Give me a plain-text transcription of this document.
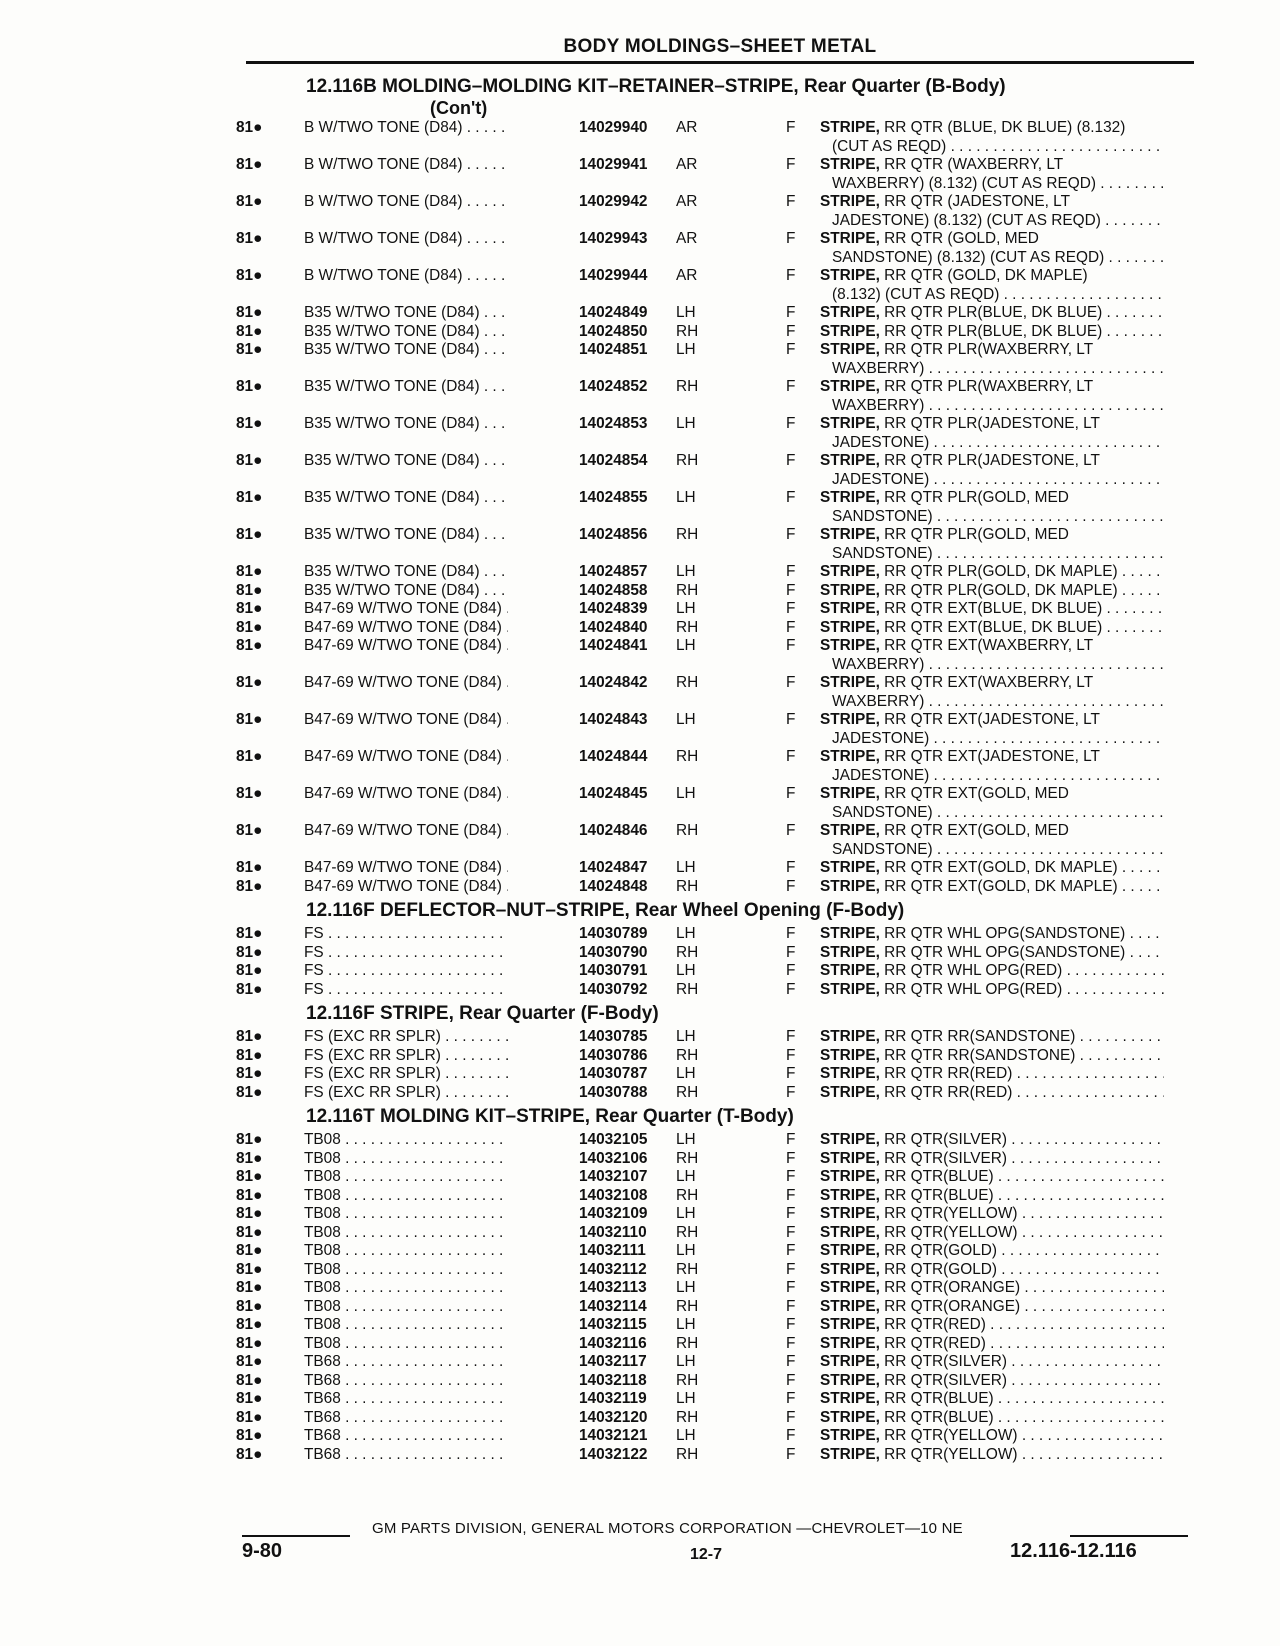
BODY MOLDINGS–SHEET METAL
12.116B MOLDING–MOLDING KIT–RETAINER–STRIPE, Rear Quarter (B-Body)
(Con't)
81●	B W/TWO TONE (D84) . . .	14029940 AR	F STRIPE, RR QTR (BLUE, DK BLUE) (8.132)
(CUT AS REQD) . . .
81●	B W/TWO TONE (D84) . . .	14029941 AR	F STRIPE, RR QTR (WAXBERRY, LT
WAXBERRY) (8.132) (CUT AS REQD) . . .
81●	B W/TWO TONE (D84) . . .	14029942 AR	F STRIPE, RR QTR (JADESTONE, LT
JADESTONE) (8.132) (CUT AS REQD) . . .
81●	B W/TWO TONE (D84) . . .	14029943 AR	F STRIPE, RR QTR (GOLD, MED
SANDSTONE) (8.132) (CUT AS REQD) . . .
81●	B W/TWO TONE (D84) . . .	14029944 AR	F STRIPE, RR QTR (GOLD, DK MAPLE)
(8.132) (CUT AS REQD) . . .
81●	B35 W/TWO TONE (D84) . . .	14024849 LH	F STRIPE, RR QTR PLR(BLUE, DK BLUE) . . .
81●	B35 W/TWO TONE (D84) . . .	14024850 RH	F STRIPE, RR QTR PLR(BLUE, DK BLUE) . . .
81●	B35 W/TWO TONE (D84) . . .	14024851 LH	F STRIPE, RR QTR PLR(WAXBERRY, LT
WAXBERRY) . . .
81●	B35 W/TWO TONE (D84) . . .	14024852 RH	F STRIPE, RR QTR PLR(WAXBERRY, LT
WAXBERRY) . . .
81●	B35 W/TWO TONE (D84) . . .	14024853 LH	F STRIPE, RR QTR PLR(JADESTONE, LT
JADESTONE) . . .
81●	B35 W/TWO TONE (D84) . . .	14024854 RH	F STRIPE, RR QTR PLR(JADESTONE, LT
JADESTONE) . . .
81●	B35 W/TWO TONE (D84) . . .	14024855 LH	F STRIPE, RR QTR PLR(GOLD, MED
SANDSTONE) . . .
81●	B35 W/TWO TONE (D84) . . .	14024856 RH	F STRIPE, RR QTR PLR(GOLD, MED
SANDSTONE) . . .
81●	B35 W/TWO TONE (D84) . . .	14024857 LH	F STRIPE, RR QTR PLR(GOLD, DK MAPLE) . . .
81●	B35 W/TWO TONE (D84) . . .	14024858 RH	F STRIPE, RR QTR PLR(GOLD, DK MAPLE) . . .
81●	B47-69 W/TWO TONE (D84) . . .	14024839 LH	F STRIPE, RR QTR EXT(BLUE, DK BLUE) . . .
81●	B47-69 W/TWO TONE (D84) . . .	14024840 RH	F STRIPE, RR QTR EXT(BLUE, DK BLUE) . . .
81●	B47-69 W/TWO TONE (D84) . . .	14024841 LH	F STRIPE, RR QTR EXT(WAXBERRY, LT
WAXBERRY) . . .
81●	B47-69 W/TWO TONE (D84) . . .	14024842 RH	F STRIPE, RR QTR EXT(WAXBERRY, LT
WAXBERRY) . . .
81●	B47-69 W/TWO TONE (D84) . . .	14024843 LH	F STRIPE, RR QTR EXT(JADESTONE, LT
JADESTONE) . . .
81●	B47-69 W/TWO TONE (D84) . . .	14024844 RH	F STRIPE, RR QTR EXT(JADESTONE, LT
JADESTONE) . . .
81●	B47-69 W/TWO TONE (D84) . . .	14024845 LH	F STRIPE, RR QTR EXT(GOLD, MED
SANDSTONE) . . .
81●	B47-69 W/TWO TONE (D84) . . .	14024846 RH	F STRIPE, RR QTR EXT(GOLD, MED
SANDSTONE) . . .
81●	B47-69 W/TWO TONE (D84) . . .	14024847 LH	F STRIPE, RR QTR EXT(GOLD, DK MAPLE) . . .
81●	B47-69 W/TWO TONE (D84) . . .	14024848 RH	F STRIPE, RR QTR EXT(GOLD, DK MAPLE) . . .
12.116F DEFLECTOR–NUT–STRIPE, Rear Wheel Opening (F-Body)
81●	FS . . .	14030789 LH	F STRIPE, RR QTR WHL OPG(SANDSTONE) . . .
81●	FS . . .	14030790 RH	F STRIPE, RR QTR WHL OPG(SANDSTONE) . . .
81●	FS . . .	14030791 LH	F STRIPE, RR QTR WHL OPG(RED) . . .
81●	FS . . .	14030792 RH	F STRIPE, RR QTR WHL OPG(RED) . . .
12.116F STRIPE, Rear Quarter (F-Body)
81●	FS (EXC RR SPLR) . . .	14030785 LH	F STRIPE, RR QTR RR(SANDSTONE) . . .
81●	FS (EXC RR SPLR) . . .	14030786 RH	F STRIPE, RR QTR RR(SANDSTONE) . . .
81●	FS (EXC RR SPLR) . . .	14030787 LH	F STRIPE, RR QTR RR(RED) . . .
81●	FS (EXC RR SPLR) . . .	14030788 RH	F STRIPE, RR QTR RR(RED) . . .
12.116T MOLDING KIT–STRIPE, Rear Quarter (T-Body)
81●	TB08 . . .	14032105 LH	F STRIPE, RR QTR(SILVER) . . .
81●	TB08 . . .	14032106 RH	F STRIPE, RR QTR(SILVER) . . .
81●	TB08 . . .	14032107 LH	F STRIPE, RR QTR(BLUE) . . .
81●	TB08 . . .	14032108 RH	F STRIPE, RR QTR(BLUE) . . .
81●	TB08 . . .	14032109 LH	F STRIPE, RR QTR(YELLOW) . . .
81●	TB08 . . .	14032110 RH	F STRIPE, RR QTR(YELLOW) . . .
81●	TB08 . . .	14032111 LH	F STRIPE, RR QTR(GOLD) . . .
81●	TB08 . . .	14032112 RH	F STRIPE, RR QTR(GOLD) . . .
81●	TB08 . . .	14032113 LH	F STRIPE, RR QTR(ORANGE) . . .
81●	TB08 . . .	14032114 RH	F STRIPE, RR QTR(ORANGE) . . .
81●	TB08 . . .	14032115 LH	F STRIPE, RR QTR(RED) . . .
81●	TB08 . . .	14032116 RH	F STRIPE, RR QTR(RED) . . .
81●	TB68 . . .	14032117 LH	F STRIPE, RR QTR(SILVER) . . .
81●	TB68 . . .	14032118 RH	F STRIPE, RR QTR(SILVER) . . .
81●	TB68 . . .	14032119 LH	F STRIPE, RR QTR(BLUE) . . .
81●	TB68 . . .	14032120 RH	F STRIPE, RR QTR(BLUE) . . .
81●	TB68 . . .	14032121 LH	F STRIPE, RR QTR(YELLOW) . . .
81●	TB68 . . .	14032122 RH	F STRIPE, RR QTR(YELLOW) . . .
GM PARTS DIVISION, GENERAL MOTORS CORPORATION —CHEVROLET—10 NE
9-80	12-7	12.116-12.116
